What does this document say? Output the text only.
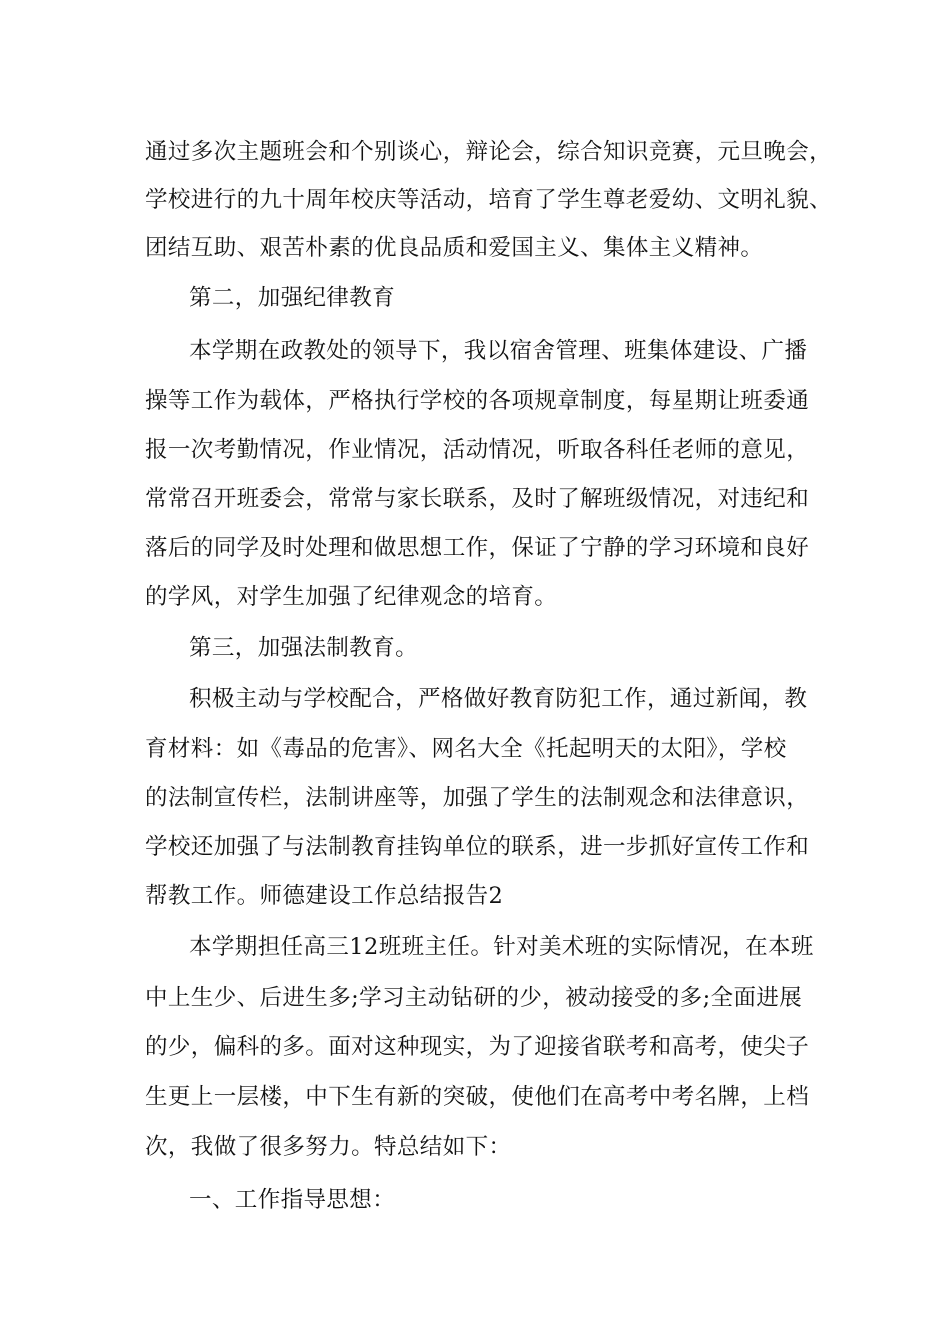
通过多次主题班会和个别谈心，辩论会，综合知识竞赛，元旦晚会，
学校进行的九十周年校庆等活动，培育了学生尊老爱幼、文明礼貌、
团结互助、艰苦朴素的优良品质和爱国主义、集体主义精神。
第二，加强纪律教育
本学期在政教处的领导下，我以宿舍管理、班集体建设、广播
操等工作为载体，严格执行学校的各项规章制度，每星期让班委通
报一次考勤情况，作业情况，活动情况，听取各科任老师的意见，
常常召开班委会，常常与家长联系，及时了解班级情况，对违纪和
落后的同学及时处理和做思想工作，保证了宁静的学习环境和良好
的学风，对学生加强了纪律观念的培育。
第三，加强法制教育。
积极主动与学校配合，严格做好教育防犯工作，通过新闻，教
育材料：如《毒品的危害》、网名大全《托起明天的太阳》，学校
的法制宣传栏，法制讲座等，加强了学生的法制观念和法律意识，
学校还加强了与法制教育挂钩单位的联系，进一步抓好宣传工作和
帮教工作。师德建设工作总结报告2
本学期担任高三12班班主任。针对美术班的实际情况，在本班
中上生少、后进生多;学习主动钻研的少，被动接受的多;全面进展
的少，偏科的多。面对这种现实，为了迎接省联考和高考，使尖子
生更上一层楼，中下生有新的突破，使他们在高考中考名牌，上档
次，我做了很多努力。特总结如下：
一、工作指导思想：
